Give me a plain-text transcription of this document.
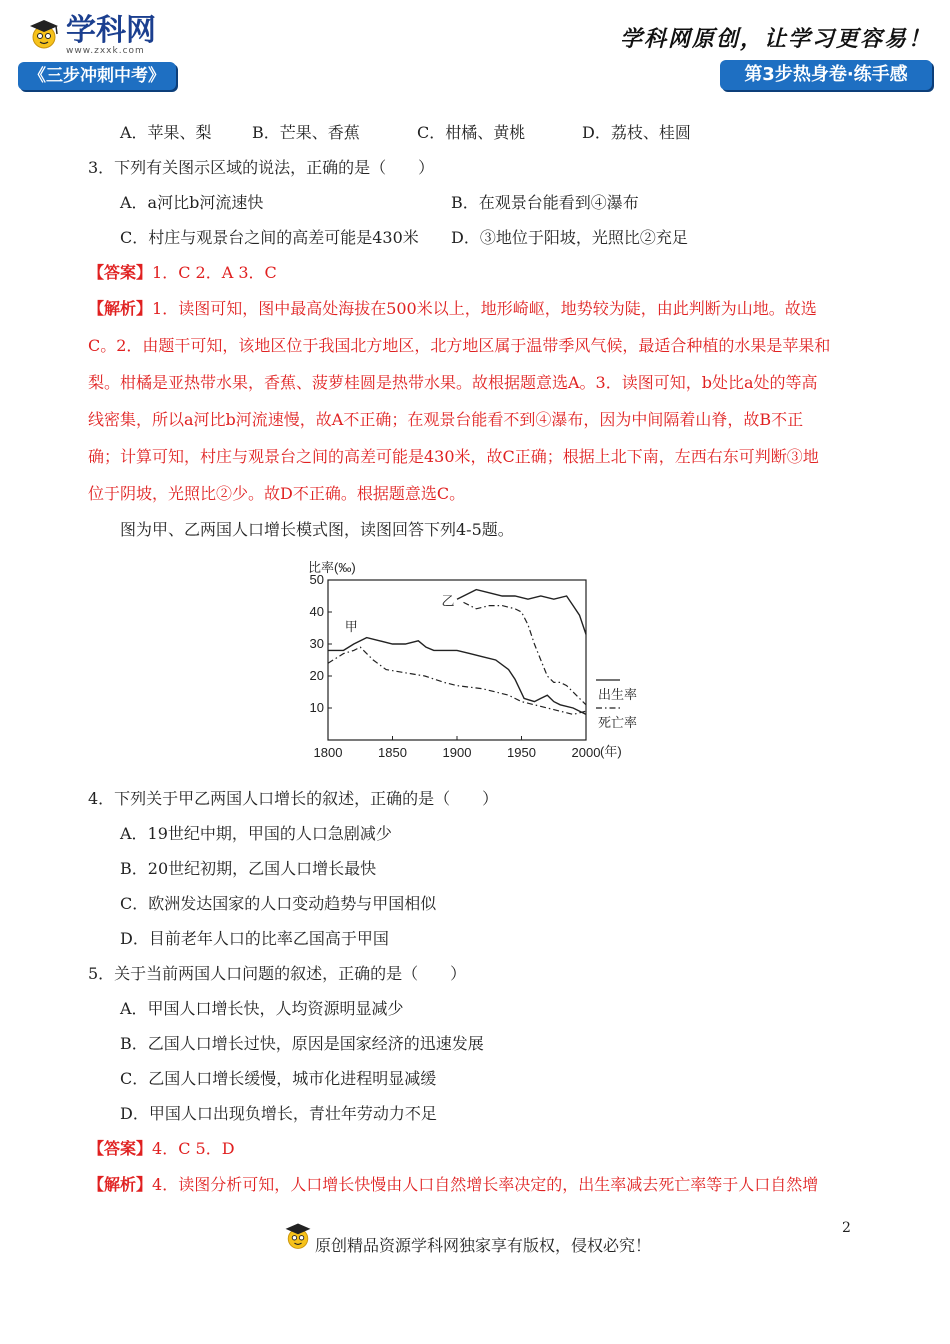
学科网
www.zxxk.com
《三步冲刺中考》
学科网原创，让学习更容易！
第3步热身卷·练手感
A．苹果、梨	B．芒果、香蕉	C．柑橘、黄桃	D．荔枝、桂圆
3．下列有关图示区域的说法，正确的是（　　）
A．a河比b河流速快	B．在观景台能看到④瀑布
C．村庄与观景台之间的高差可能是430米 D．③地位于阳坡，光照比②充足
【答案】1．C 2．A 3．C
【解析】1．读图可知，图中最高处海拔在500米以上，地形崎岖，地势较为陡，由此判断为山地。故选
C。2．由题干可知，该地区位于我国北方地区，北方地区属于温带季风气候，最适合种植的水果是苹果和
梨。柑橘是亚热带水果，香蕉、菠萝桂圆是热带水果。故根据题意选A。3．读图可知，b处比a处的等高
线密集，所以a河比b河流速慢，故A不正确；在观景台能看不到④瀑布，因为中间隔着山脊，故B不正
确；计算可知，村庄与观景台之间的高差可能是430米，故C正确；根据上北下南，左西右东可判断③地
位于阴坡，光照比②少。故D不正确。根据题意选C。
图为甲、乙两国人口增长模式图，读图回答下列4-5题。
比率(‰)
(年)
10
20
30
40
50
1800	1850	1900	1950	2000
甲
乙
出生率
死亡率
4．下列关于甲乙两国人口增长的叙述，正确的是（　　）
A．19世纪中期，甲国的人口急剧减少
B．20世纪初期，乙国人口增长最快
C．欧洲发达国家的人口变动趋势与甲国相似
D．目前老年人口的比率乙国高于甲国
5．关于当前两国人口问题的叙述，正确的是（　　）
A．甲国人口增长快，人均资源明显减少
B．乙国人口增长过快，原因是国家经济的迅速发展
C．乙国人口增长缓慢，城市化进程明显减缓
D．甲国人口出现负增长，青壮年劳动力不足
【答案】4．C 5．D
【解析】4．读图分析可知，人口增长快慢由人口自然增长率决定的，出生率减去死亡率等于人口自然增
原创精品资源学科网独家享有版权，侵权必究！
2
